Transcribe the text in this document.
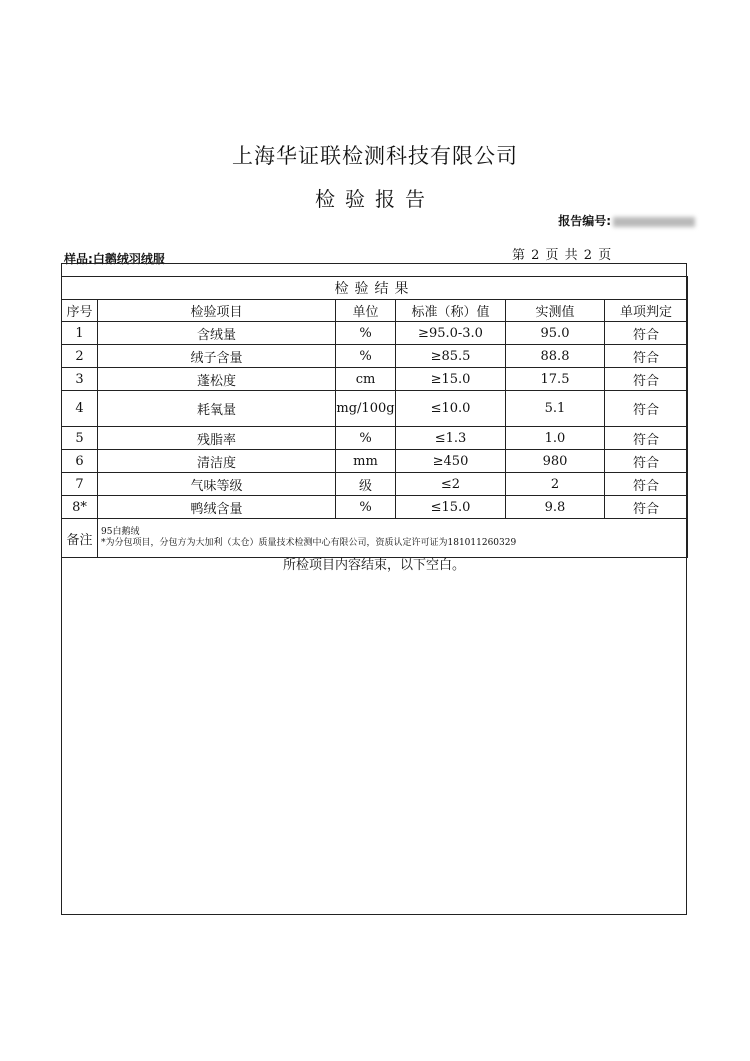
上海华证联检测科技有限公司
检验报告
报告编号:
样品:白鹅绒羽绒服	第 2 页 共 2 页
检验结果					
序号	检验项目	单位	标准（称）值	实测值	单项判定
1	含绒量	%	≥95.0-3.0	95.0	符合
2	绒子含量	%	≥85.5	88.8	符合
3	蓬松度	cm	≥15.0	17.5	符合
4	耗氧量	mg/100g	≤10.0	5.1	符合
5	残脂率	%	≤1.3	1.0	符合
6	清洁度	mm	≥450	980	符合
7	气味等级	级	≤2	2	符合
8*	鸭绒含量	%	≤15.0	9.8	符合
备注	95白鹅绒
*为分包项目，分包方为大加利（太仓）质量技术检测中心有限公司，资质认定许可证为181011260329				
所检项目内容结束，以下空白。
